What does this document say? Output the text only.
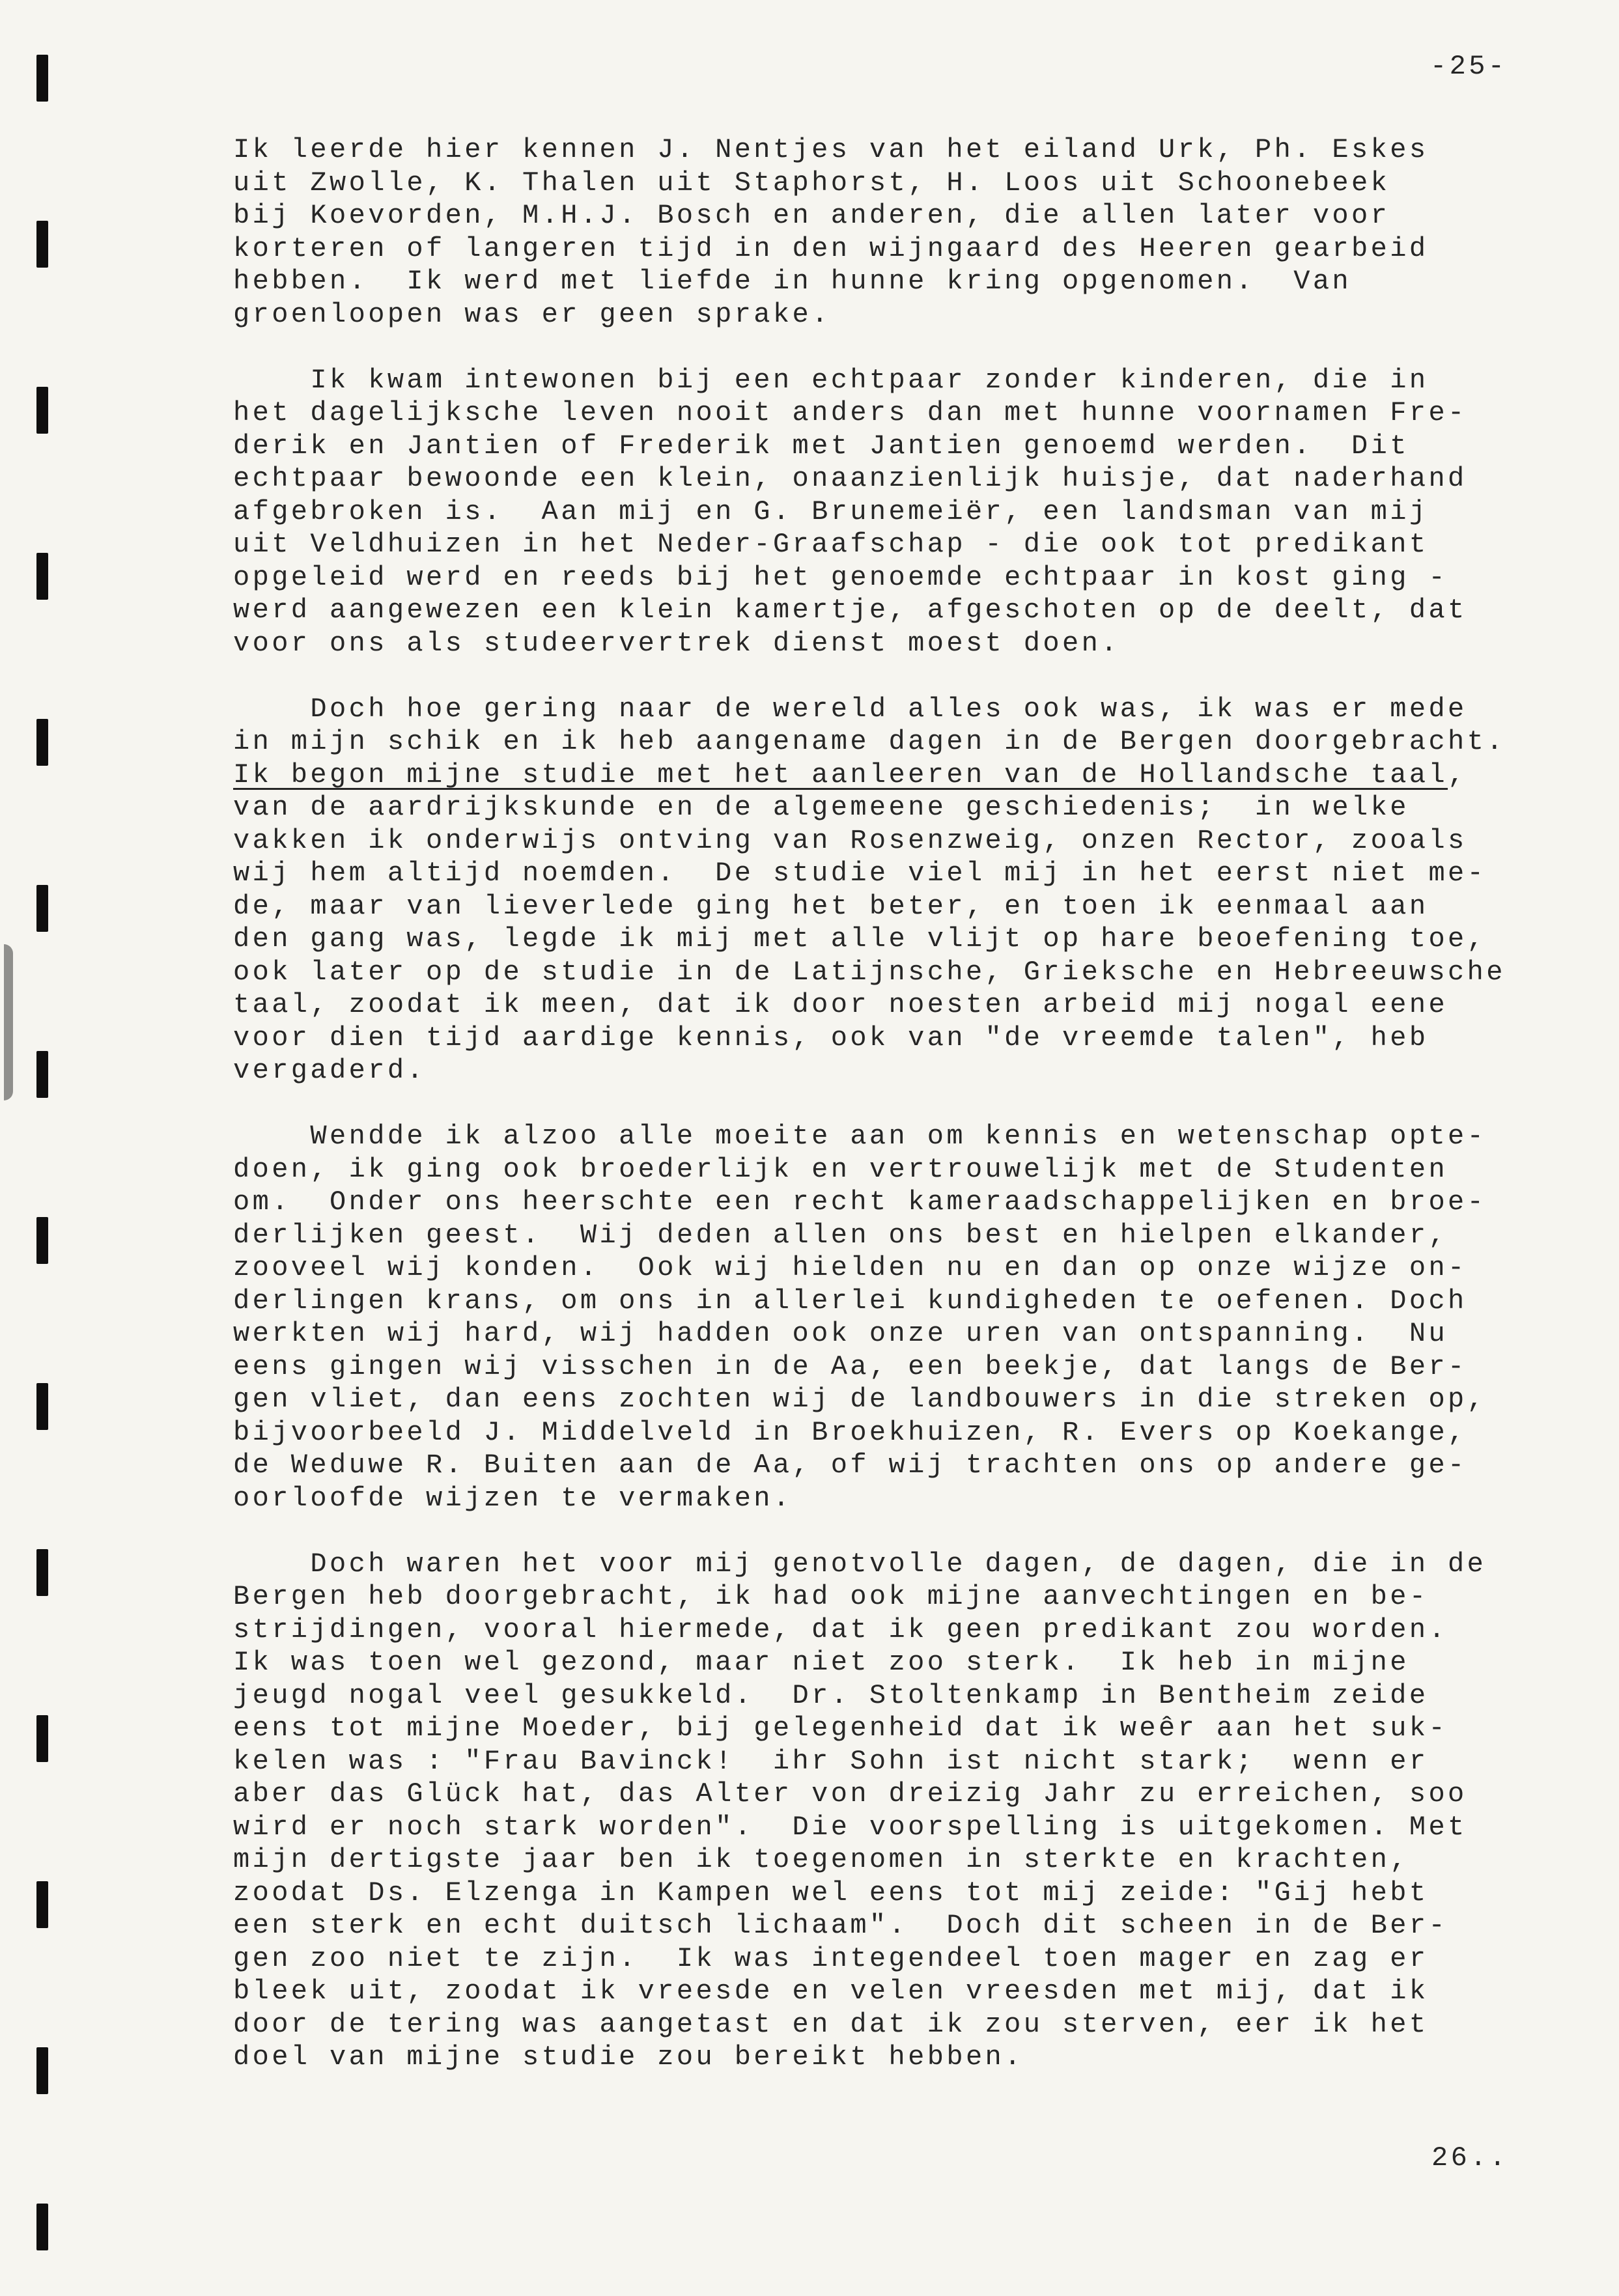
-25-
Ik leerde hier kennen J. Nentjes van het eiland Urk, Ph. Eskes
uit Zwolle, K. Thalen uit Staphorst, H. Loos uit Schoonebeek
bij Koevorden, M.H.J. Bosch en anderen, die allen later voor
korteren of langeren tijd in den wijngaard des Heeren gearbeid
hebben.  Ik werd met liefde in hunne kring opgenomen.  Van
groenloopen was er geen sprake.
Ik kwam intewonen bij een echtpaar zonder kinderen, die in
het dagelijksche leven nooit anders dan met hunne voornamen Fre-
derik en Jantien of Frederik met Jantien genoemd werden.  Dit
echtpaar bewoonde een klein, onaanzienlijk huisje, dat naderhand
afgebroken is.  Aan mij en G. Brunemeiër, een landsman van mij
uit Veldhuizen in het Neder-Graafschap - die ook tot predikant
opgeleid werd en reeds bij het genoemde echtpaar in kost ging -
werd aangewezen een klein kamertje, afgeschoten op de deelt, dat
voor ons als studeervertrek dienst moest doen.
Doch hoe gering naar de wereld alles ook was, ik was er mede
in mijn schik en ik heb aangename dagen in de Bergen doorgebracht.
Ik begon mijne studie met het aanleeren van de Hollandsche taal,
van de aardrijkskunde en de algemeene geschiedenis;  in welke
vakken ik onderwijs ontving van Rosenzweig, onzen Rector, zooals
wij hem altijd noemden.  De studie viel mij in het eerst niet me-
de, maar van lieverlede ging het beter, en toen ik eenmaal aan
den gang was, legde ik mij met alle vlijt op hare beoefening toe,
ook later op de studie in de Latijnsche, Grieksche en Hebreeuwsche
taal, zoodat ik meen, dat ik door noesten arbeid mij nogal eene
voor dien tijd aardige kennis, ook van "de vreemde talen", heb
vergaderd.
Wendde ik alzoo alle moeite aan om kennis en wetenschap opte-
doen, ik ging ook broederlijk en vertrouwelijk met de Studenten
om.  Onder ons heerschte een recht kameraadschappelijken en broe-
derlijken geest.  Wij deden allen ons best en hielpen elkander,
zooveel wij konden.  Ook wij hielden nu en dan op onze wijze on-
derlingen krans, om ons in allerlei kundigheden te oefenen. Doch
werkten wij hard, wij hadden ook onze uren van ontspanning.  Nu
eens gingen wij visschen in de Aa, een beekje, dat langs de Ber-
gen vliet, dan eens zochten wij de landbouwers in die streken op,
bijvoorbeeld J. Middelveld in Broekhuizen, R. Evers op Koekange,
de Weduwe R. Buiten aan de Aa, of wij trachten ons op andere ge-
oorloofde wijzen te vermaken.
Doch waren het voor mij genotvolle dagen, de dagen, die in de
Bergen heb doorgebracht, ik had ook mijne aanvechtingen en be-
strijdingen, vooral hiermede, dat ik geen predikant zou worden.
Ik was toen wel gezond, maar niet zoo sterk.  Ik heb in mijne
jeugd nogal veel gesukkeld.  Dr. Stoltenkamp in Bentheim zeide
eens tot mijne Moeder, bij gelegenheid dat ik weêr aan het suk-
kelen was : "Frau Bavinck!  ihr Sohn ist nicht stark;  wenn er
aber das Glück hat, das Alter von dreizig Jahr zu erreichen, soo
wird er noch stark worden".  Die voorspelling is uitgekomen. Met
mijn dertigste jaar ben ik toegenomen in sterkte en krachten,
zoodat Ds. Elzenga in Kampen wel eens tot mij zeide: "Gij hebt
een sterk en echt duitsch lichaam".  Doch dit scheen in de Ber-
gen zoo niet te zijn.  Ik was integendeel toen mager en zag er
bleek uit, zoodat ik vreesde en velen vreesden met mij, dat ik
door de tering was aangetast en dat ik zou sterven, eer ik het
doel van mijne studie zou bereikt hebben.
26..
